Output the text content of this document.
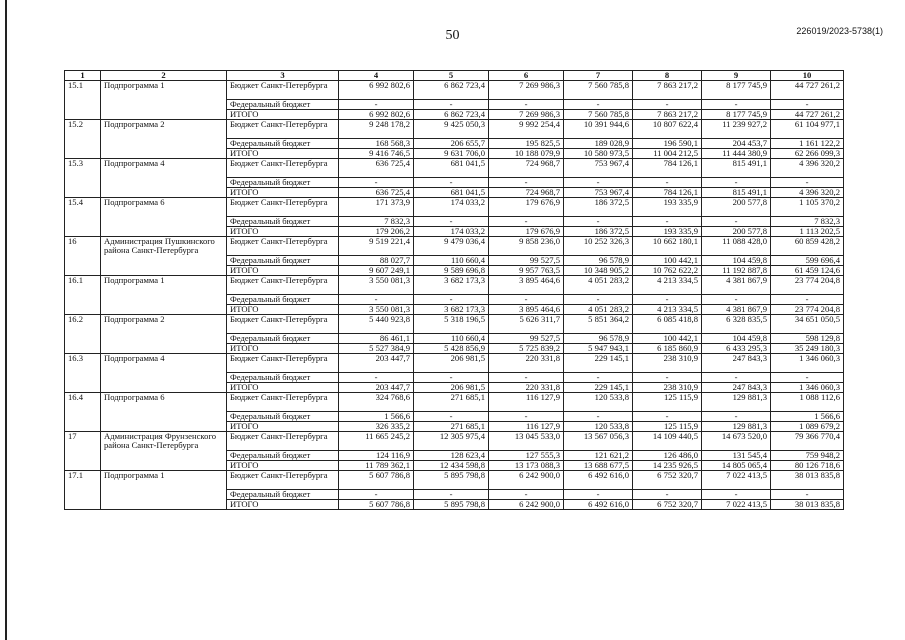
50	226019/2023-5738(1)
1	2	3	4	5	6	7	8	9	10
15.1	Подпрограмма 1	Бюджет Санкт-Петербурга	6 992 802,6	6 862 723,4	7 269 986,3	7 560 785,8	7 863 217,2	8 177 745,9	44 727 261,2
		Федеральный бюджет	-	-	-	-	-	-	-
		ИТОГО	6 992 802,6	6 862 723,4	7 269 986,3	7 560 785,8	7 863 217,2	8 177 745,9	44 727 261,2
15.2	Подпрограмма 2	Бюджет Санкт-Петербурга	9 248 178,2	9 425 050,3	9 992 254,4	10 391 944,6	10 807 622,4	11 239 927,2	61 104 977,1
		Федеральный бюджет	168 568,3	206 655,7	195 825,5	189 028,9	196 590,1	204 453,7	1 161 122,2
		ИТОГО	9 416 746,5	9 631 706,0	10 188 079,9	10 580 973,5	11 004 212,5	11 444 380,9	62 266 099,3
15.3	Подпрограмма 4	Бюджет Санкт-Петербурга	636 725,4	681 041,5	724 968,7	753 967,4	784 126,1	815 491,1	4 396 320,2
		Федеральный бюджет	-	-	-	-	-	-	-
		ИТОГО	636 725,4	681 041,5	724 968,7	753 967,4	784 126,1	815 491,1	4 396 320,2
15.4	Подпрограмма 6	Бюджет Санкт-Петербурга	171 373,9	174 033,2	179 676,9	186 372,5	193 335,9	200 577,8	1 105 370,2
		Федеральный бюджет	7 832,3	-	-	-	-	-	7 832,3
		ИТОГО	179 206,2	174 033,2	179 676,9	186 372,5	193 335,9	200 577,8	1 113 202,5
16	Администрация Пушкинского района Санкт-Петербурга	Бюджет Санкт-Петербурга	9 519 221,4	9 479 036,4	9 858 236,0	10 252 326,3	10 662 180,1	11 088 428,0	60 859 428,2
		Федеральный бюджет	88 027,7	110 660,4	99 527,5	96 578,9	100 442,1	104 459,8	599 696,4
		ИТОГО	9 607 249,1	9 589 696,8	9 957 763,5	10 348 905,2	10 762 622,2	11 192 887,8	61 459 124,6
16.1	Подпрограмма 1	Бюджет Санкт-Петербурга	3 550 081,3	3 682 173,3	3 895 464,6	4 051 283,2	4 213 334,5	4 381 867,9	23 774 204,8
		Федеральный бюджет	-	-	-	-	-	-	-
		ИТОГО	3 550 081,3	3 682 173,3	3 895 464,6	4 051 283,2	4 213 334,5	4 381 867,9	23 774 204,8
16.2	Подпрограмма 2	Бюджет Санкт-Петербурга	5 440 923,8	5 318 196,5	5 626 311,7	5 851 364,2	6 085 418,8	6 328 835,5	34 651 050,5
		Федеральный бюджет	86 461,1	110 660,4	99 527,5	96 578,9	100 442,1	104 459,8	598 129,8
		ИТОГО	5 527 384,9	5 428 856,9	5 725 839,2	5 947 943,1	6 185 860,9	6 433 295,3	35 249 180,3
16.3	Подпрограмма 4	Бюджет Санкт-Петербурга	203 447,7	206 981,5	220 331,8	229 145,1	238 310,9	247 843,3	1 346 060,3
		Федеральный бюджет	-	-	-	-	-	-	-
		ИТОГО	203 447,7	206 981,5	220 331,8	229 145,1	238 310,9	247 843,3	1 346 060,3
16.4	Подпрограмма 6	Бюджет Санкт-Петербурга	324 768,6	271 685,1	116 127,9	120 533,8	125 115,9	129 881,3	1 088 112,6
		Федеральный бюджет	1 566,6	-	-	-	-	-	1 566,6
		ИТОГО	326 335,2	271 685,1	116 127,9	120 533,8	125 115,9	129 881,3	1 089 679,2
17	Администрация Фрунзенского района Санкт-Петербурга	Бюджет Санкт-Петербурга	11 665 245,2	12 305 975,4	13 045 533,0	13 567 056,3	14 109 440,5	14 673 520,0	79 366 770,4
		Федеральный бюджет	124 116,9	128 623,4	127 555,3	121 621,2	126 486,0	131 545,4	759 948,2
		ИТОГО	11 789 362,1	12 434 598,8	13 173 088,3	13 688 677,5	14 235 926,5	14 805 065,4	80 126 718,6
17.1	Подпрограмма 1	Бюджет Санкт-Петербурга	5 607 786,8	5 895 798,8	6 242 900,0	6 492 616,0	6 752 320,7	7 022 413,5	38 013 835,8
		Федеральный бюджет	-	-	-	-	-	-	-
		ИТОГО	5 607 786,8	5 895 798,8	6 242 900,0	6 492 616,0	6 752 320,7	7 022 413,5	38 013 835,8
